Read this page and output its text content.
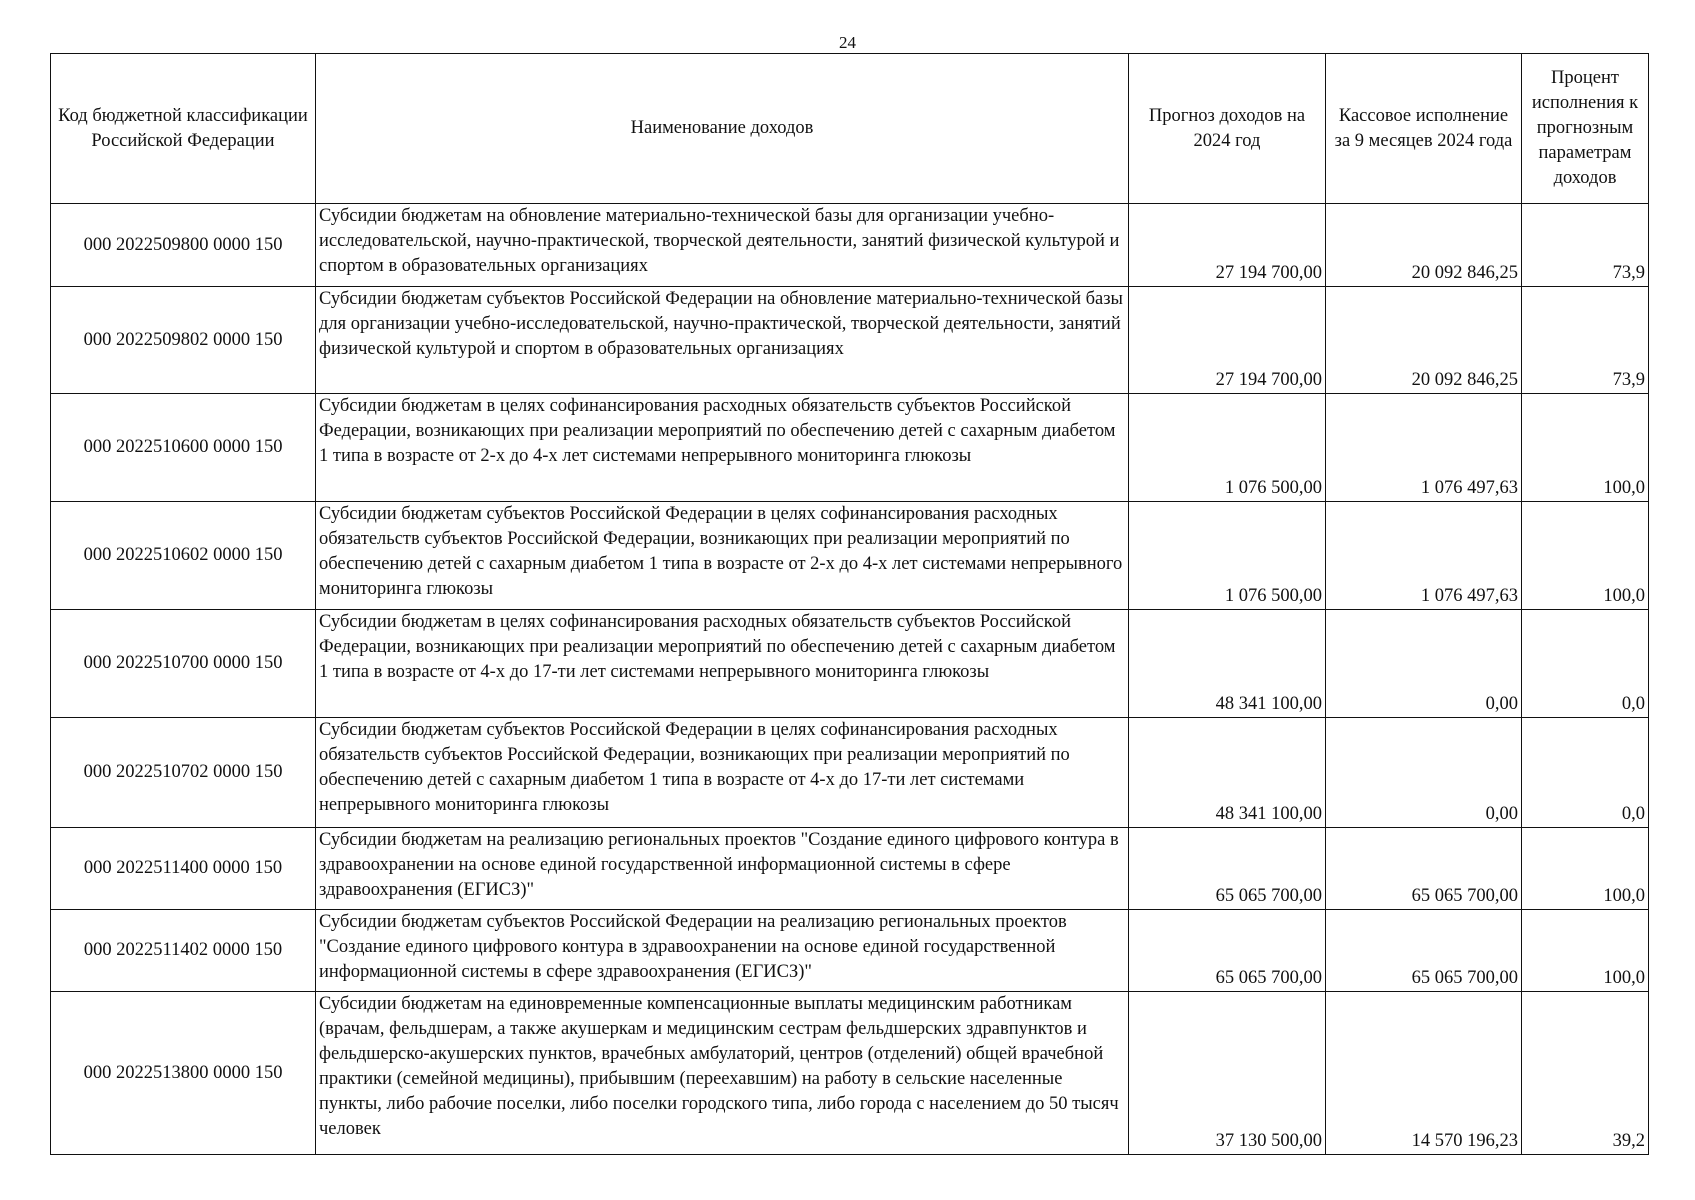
24
Код бюджетной классификации Российской Федерации	Наименование доходов	Прогноз доходов на 2024 год	Кассовое исполнение за 9 месяцев 2024 года	Процент исполнения к прогнозным параметрам доходов
000 2022509800 0000 150	Субсидии бюджетам на обновление материально-технической базы для организации учебно-исследовательской, научно-практической, творческой деятельности, занятий физической культурой и спортом в образовательных организациях	27 194 700,00	20 092 846,25	73,9
000 2022509802 0000 150	Субсидии бюджетам субъектов Российской Федерации на обновление материально-технической базы для организации учебно-исследовательской, научно-практической, творческой деятельности, занятий физической культурой и спортом в образовательных организациях	27 194 700,00	20 092 846,25	73,9
000 2022510600 0000 150	Субсидии бюджетам в целях софинансирования расходных обязательств субъектов Российской Федерации, возникающих при реализации мероприятий по обеспечению детей с сахарным диабетом 1 типа в возрасте от 2-х до 4-х лет системами непрерывного мониторинга глюкозы	1 076 500,00	1 076 497,63	100,0
000 2022510602 0000 150	Субсидии бюджетам субъектов Российской Федерации в целях софинансирования расходных обязательств субъектов Российской Федерации, возникающих при реализации мероприятий по обеспечению детей с сахарным диабетом 1 типа в возрасте от 2-х до 4-х лет системами непрерывного мониторинга глюкозы	1 076 500,00	1 076 497,63	100,0
000 2022510700 0000 150	Субсидии бюджетам в целях софинансирования расходных обязательств субъектов Российской Федерации, возникающих при реализации мероприятий по обеспечению детей с сахарным диабетом 1 типа в возрасте от 4-х до 17-ти лет системами непрерывного мониторинга глюкозы	48 341 100,00	0,00	0,0
000 2022510702 0000 150	Субсидии бюджетам субъектов Российской Федерации в целях софинансирования расходных обязательств субъектов Российской Федерации, возникающих при реализации мероприятий по обеспечению детей с сахарным диабетом 1 типа в возрасте от 4-х до 17-ти лет системами непрерывного мониторинга глюкозы	48 341 100,00	0,00	0,0
000 2022511400 0000 150	Субсидии бюджетам на реализацию региональных проектов "Создание единого цифрового контура в здравоохранении на основе единой государственной информационной системы в сфере здравоохранения (ЕГИСЗ)"	65 065 700,00	65 065 700,00	100,0
000 2022511402 0000 150	Субсидии бюджетам субъектов Российской Федерации на реализацию региональных проектов "Создание единого цифрового контура в здравоохранении на основе единой государственной информационной системы в сфере здравоохранения (ЕГИСЗ)"	65 065 700,00	65 065 700,00	100,0
000 2022513800 0000 150	Субсидии бюджетам на единовременные компенсационные выплаты медицинским работникам (врачам, фельдшерам, а также акушеркам и медицинским сестрам фельдшерских здравпунктов и фельдшерско-акушерских пунктов, врачебных амбулаторий, центров (отделений) общей врачебной практики (семейной медицины), прибывшим (переехавшим) на работу в сельские населенные пункты, либо рабочие поселки, либо поселки городского типа, либо города с населением до 50 тысяч человек	37 130 500,00	14 570 196,23	39,2
